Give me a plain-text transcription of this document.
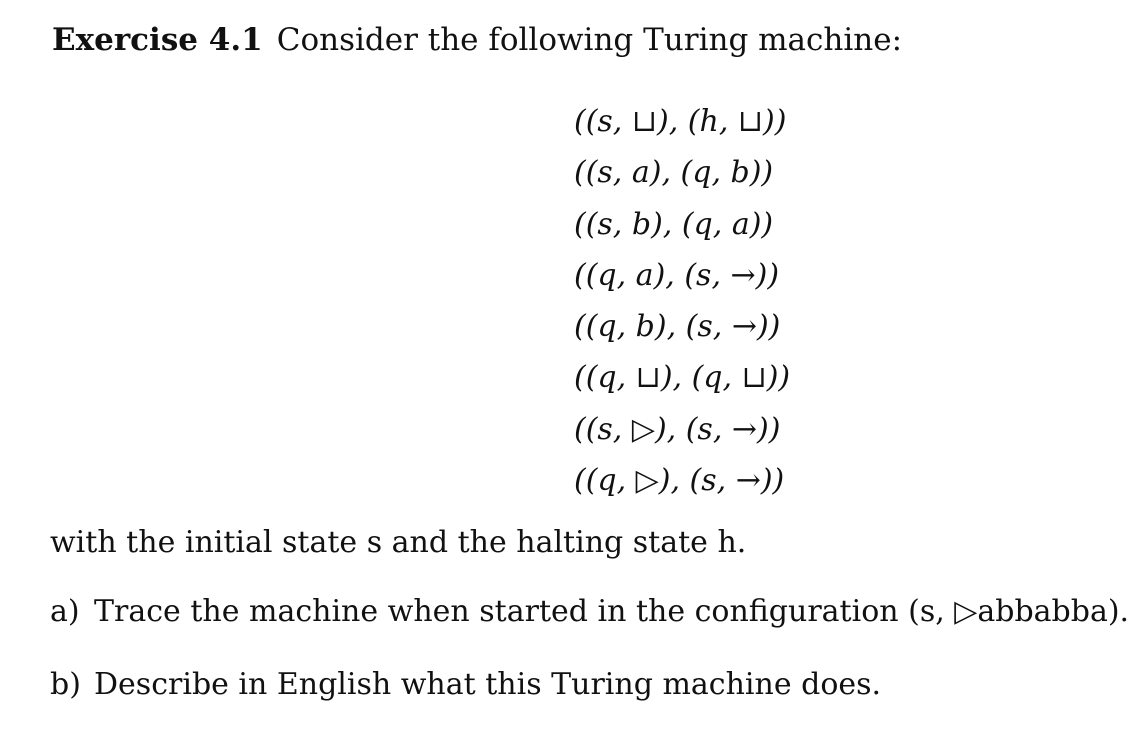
Exercise 4.1 Consider the following Turing machine:
((s, ⊔), (h, ⊔))
((s, a), (q, b))
((s, b), (q, a))
((q, a), (s, →))
((q, b), (s, →))
((q, ⊔), (q, ⊔))
((s, ▷), (s, →))
((q, ▷), (s, →))
with the initial state s and the halting state h.
a) Trace the machine when started in the configuration (s, ▷abbabba).
b) Describe in English what this Turing machine does.
